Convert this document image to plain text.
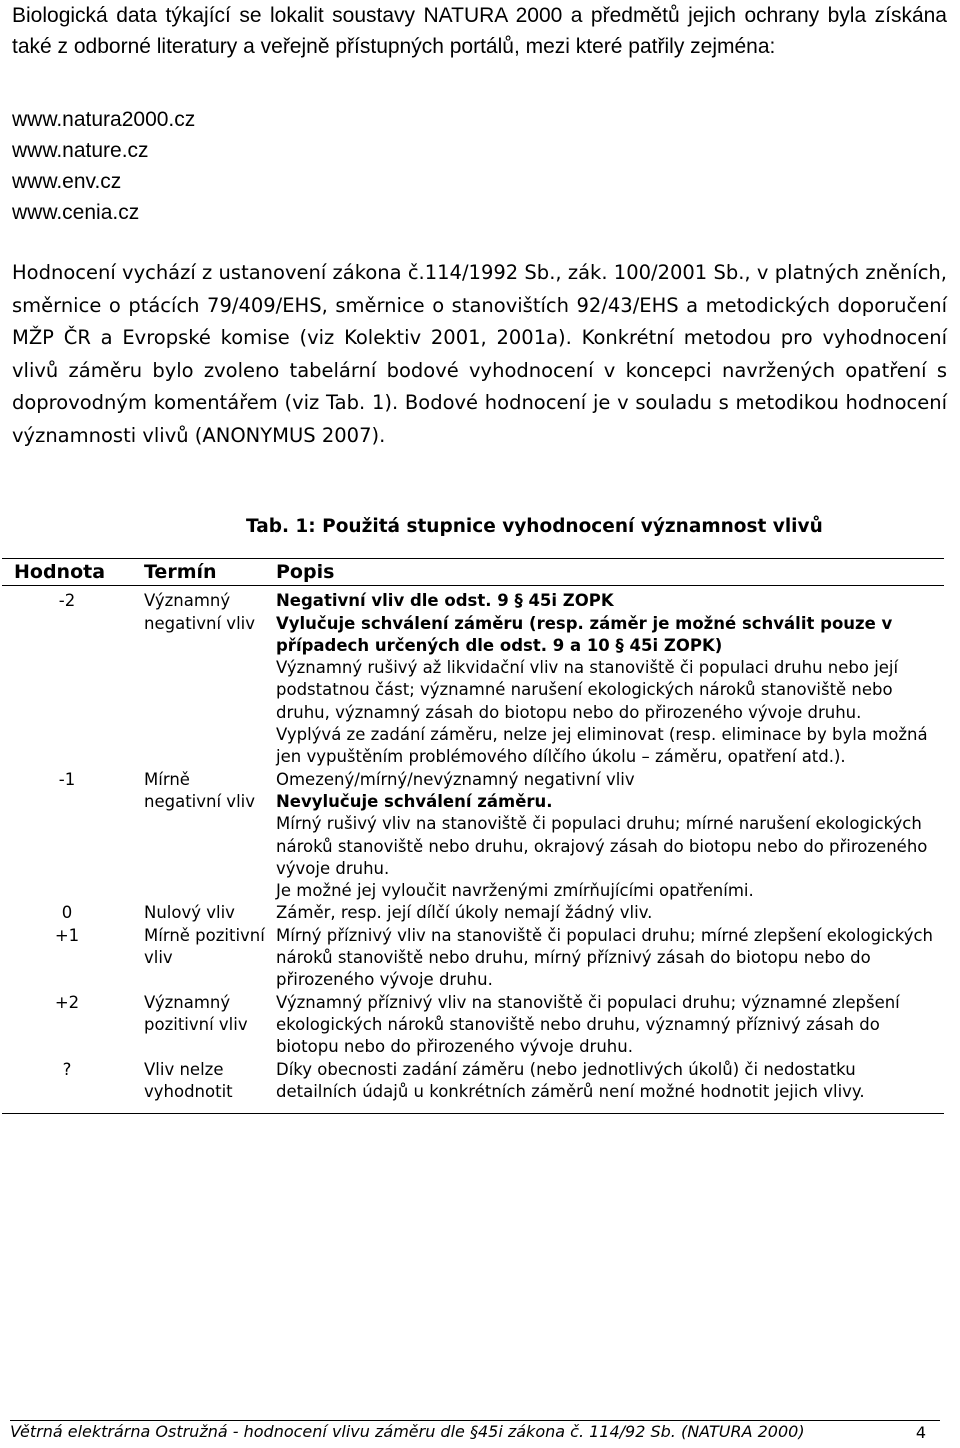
Biologická data týkající se lokalit soustavy NATURA 2000 a předmětů jejich ochrany byla získána také z odborné literatury a veřejně přístupných portálů, mezi které patřily zejména:

www.natura2000.cz
www.nature.cz
www.env.cz
www.cenia.cz

Hodnocení vychází z ustanovení zákona č.114/1992 Sb., zák. 100/2001 Sb., v platných zněních, směrnice o ptácích 79/409/EHS, směrnice o stanovištích 92/43/EHS a metodických doporučení MŽP ČR a Evropské komise (viz Kolektiv 2001, 2001a). Konkrétní metodou pro vyhodnocení vlivů záměru bylo zvoleno tabelární bodové vyhodnocení v koncepci navržených opatření s doprovodným komentářem (viz Tab. 1). Bodové hodnocení je v souladu s metodikou hodnocení významnosti vlivů (ANONYMUS 2007).

Tab. 1: Použitá stupnice vyhodnocení významnost vlivů
Hodnota	Termín	Popis
-2	Významný negativní vliv	Negativní vliv dle odst. 9 § 45i ZOPK
Vylučuje schválení záměru (resp. záměr je možné schválit pouze v případech určených dle odst. 9 a 10 § 45i ZOPK)
Významný rušivý až likvidační vliv na stanoviště či populaci druhu nebo její podstatnou část; významné narušení ekologických nároků stanoviště nebo druhu, významný zásah do biotopu nebo do přirozeného vývoje druhu.
Vyplývá ze zadání záměru, nelze jej eliminovat (resp. eliminace by byla možná jen vypuštěním problémového dílčího úkolu – záměru, opatření atd.).

-1	Mírně negativní vliv	Omezený/mírný/nevýznamný negativní vliv
Nevylučuje schválení záměru.
Mírný rušivý vliv na stanoviště či populaci druhu; mírné narušení ekologických nároků stanoviště nebo druhu, okrajový zásah do biotopu nebo do přirozeného vývoje druhu.
Je možné jej vyloučit navrženými zmírňujícími opatřeními.

0	Nulový vliv	Záměr, resp. její dílčí úkoly nemají žádný vliv.
+1	Mírně pozitivní vliv	Mírný příznivý vliv na stanoviště či populaci druhu; mírné zlepšení ekologických nároků stanoviště nebo druhu, mírný příznivý zásah do biotopu nebo do přirozeného vývoje druhu.
+2	Významný pozitivní vliv	Významný příznivý vliv na stanoviště či populaci druhu; významné zlepšení ekologických nároků stanoviště nebo druhu, významný příznivý zásah do biotopu nebo do přirozeného vývoje druhu.
?	Vliv nelze vyhodnotit	Díky obecnosti zadání záměru (nebo jednotlivých úkolů) či nedostatku detailních údajů u konkrétních záměrů není možné hodnotit jejich vlivy.
Větrná elektrárna Ostružná - hodnocení vlivu záměru dle §45i zákona č. 114/92 Sb. (NATURA 2000)	4
